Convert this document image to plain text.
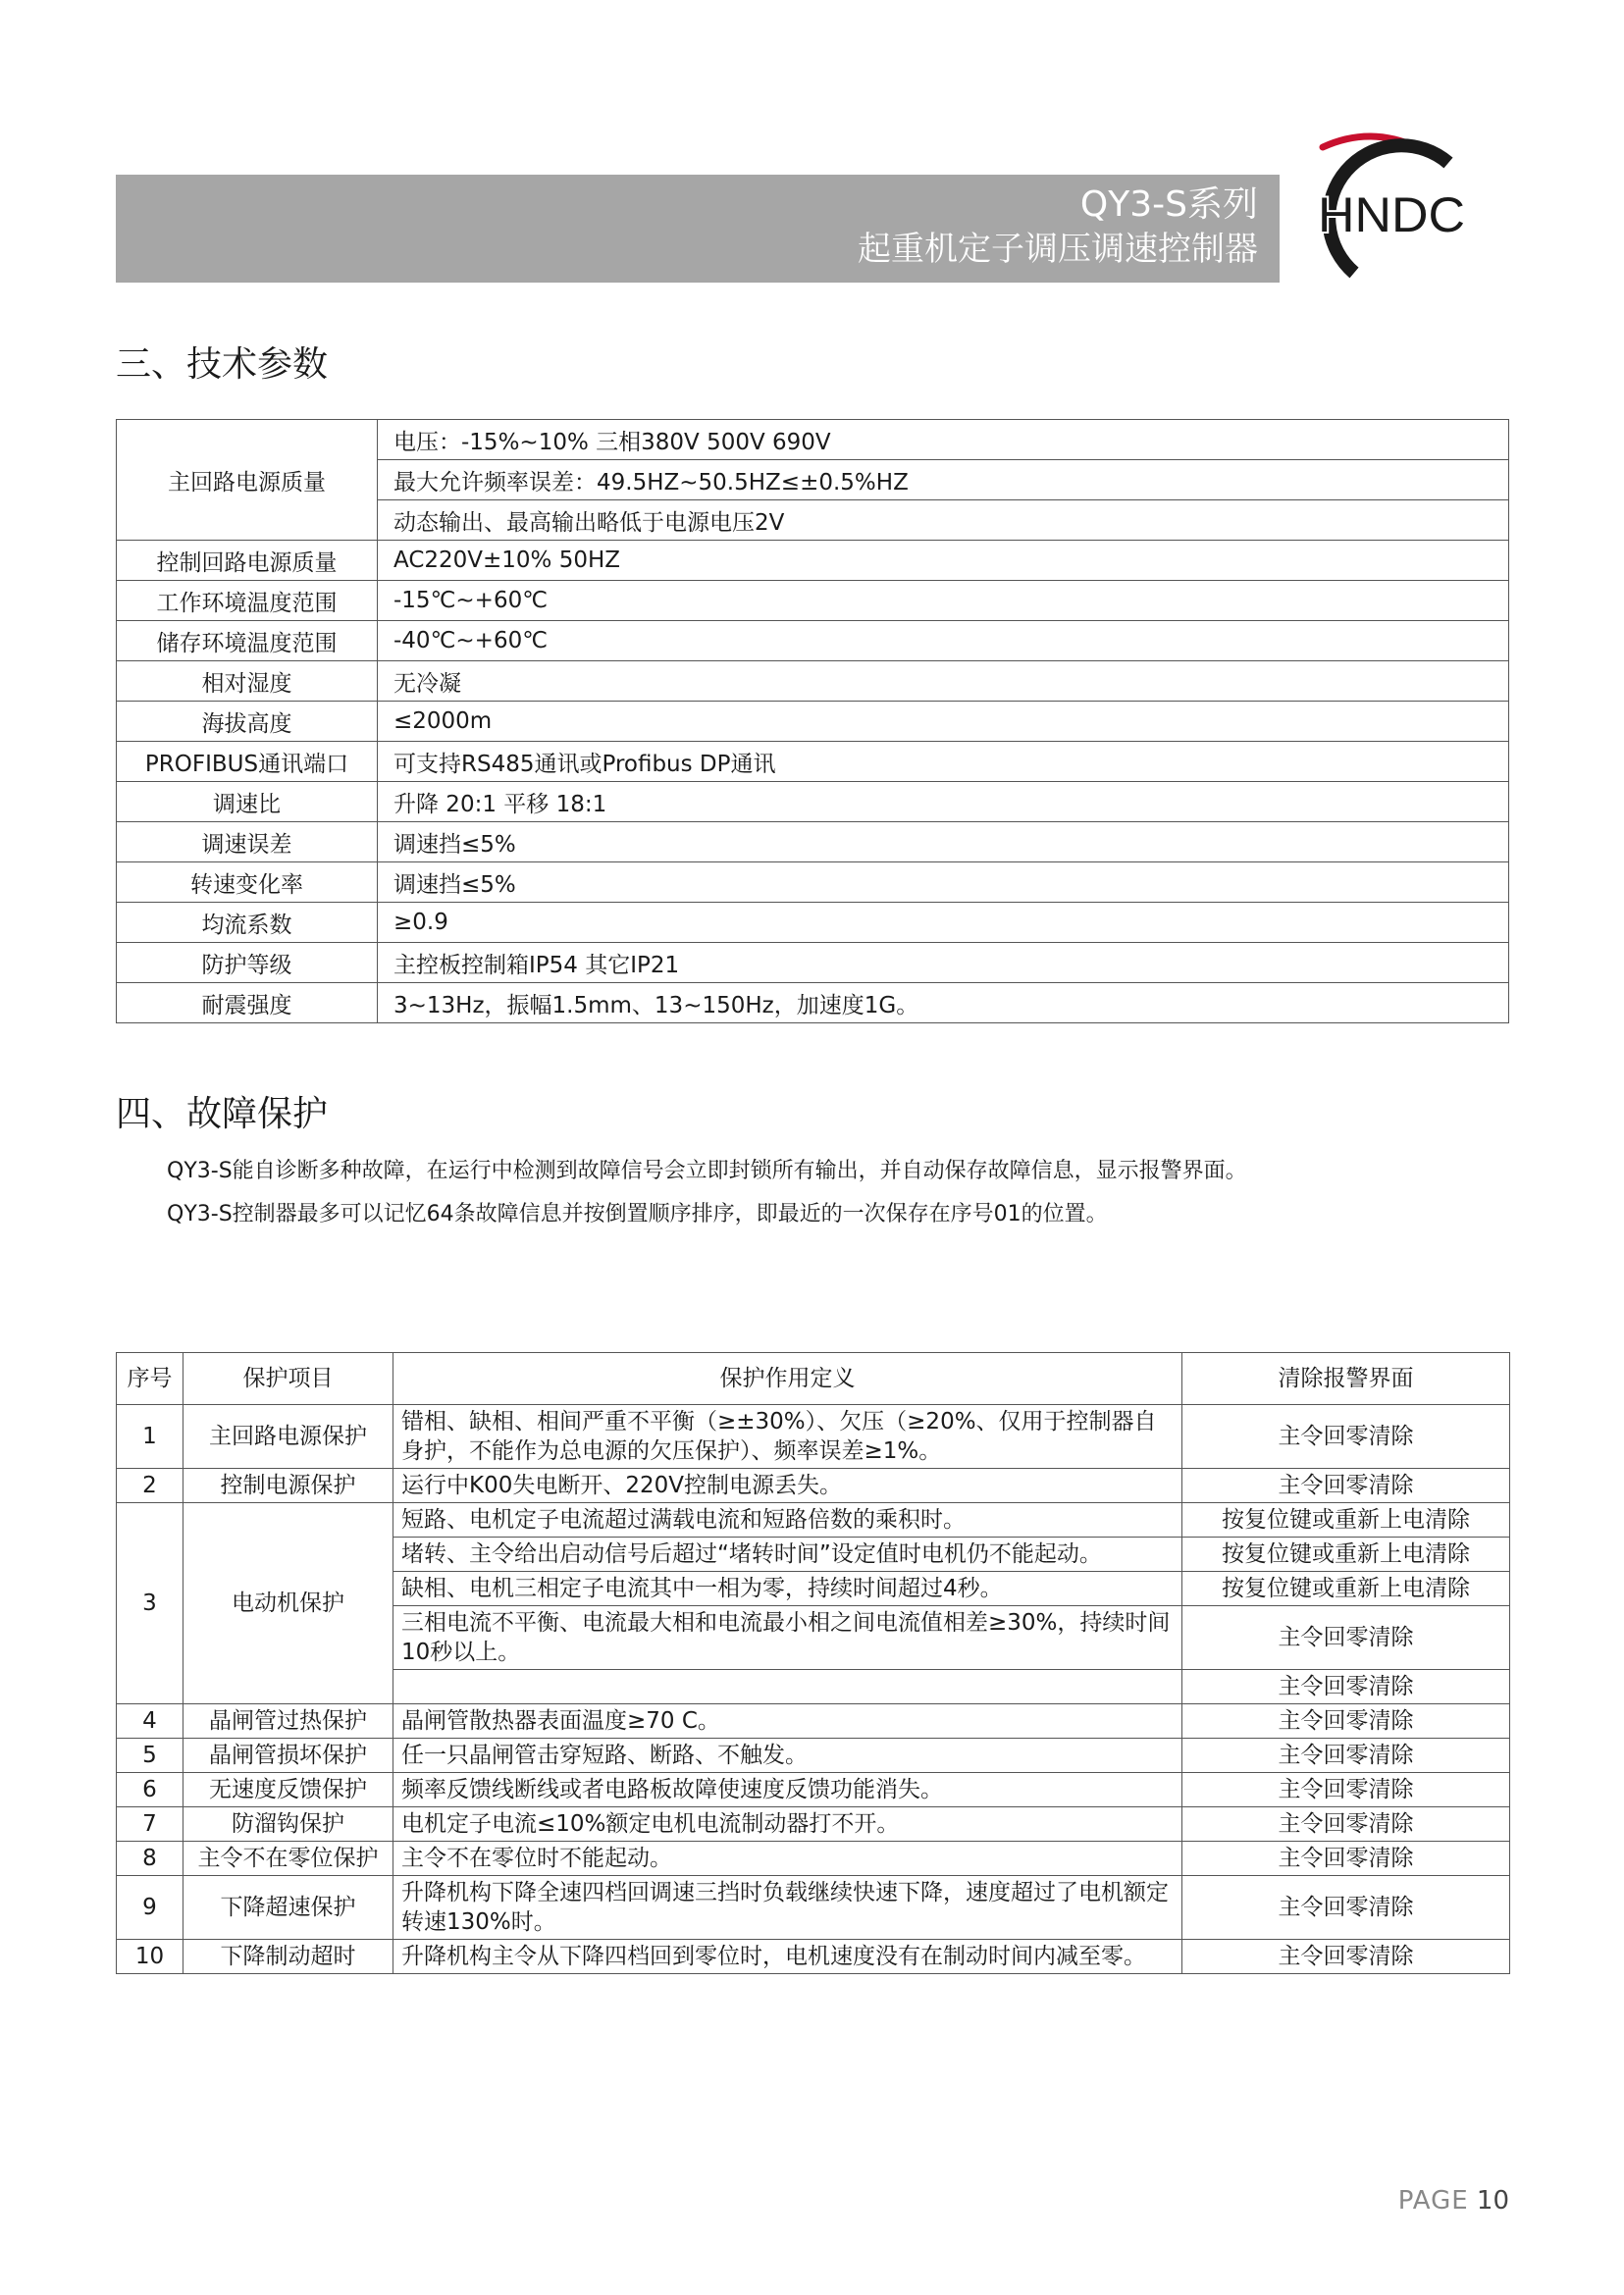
QY3-S系列
起重机定子调压调速控制器
HNDC
三、技术参数
主回路电源质量	电压：-15%~10% 三相380V 500V 690V
	最大允许频率误差：49.5HZ~50.5HZ≤±0.5%HZ
	动态输出、最高输出略低于电源电压2V
控制回路电源质量	AC220V±10% 50HZ
工作环境温度范围	-15℃~+60℃
储存环境温度范围	-40℃~+60℃
相对湿度	无冷凝
海拔高度	≤2000m
PROFIBUS通讯端口	可支持RS485通讯或Profibus DP通讯
调速比	升降 20:1 平移 18:1
调速误差	调速挡≤5%
转速变化率	调速挡≤5%
均流系数	≥0.9
防护等级	主控板控制箱IP54 其它IP21
耐震强度	3~13Hz，振幅1.5mm、13~150Hz，加速度1G。
四、故障保护
QY3-S能自诊断多种故障，在运行中检测到故障信号会立即封锁所有输出，并自动保存故障信息，显示报警界面。
QY3-S控制器最多可以记忆64条故障信息并按倒置顺序排序，即最近的一次保存在序号01的位置。
序号	保护项目	保护作用定义	清除报警界面
1	主回路电源保护	错相、缺相、相间严重不平衡（≥±30%）、欠压（≥20%、仅用于控制器自身护，不能作为总电源的欠压保护）、频率误差≥1%。	主令回零清除
2	控制电源保护	运行中K00失电断开、220V控制电源丢失。	主令回零清除
3	电动机保护	短路、电机定子电流超过满载电流和短路倍数的乘积时。	按复位键或重新上电清除
		堵转、主令给出启动信号后超过“堵转时间”设定值时电机仍不能起动。	按复位键或重新上电清除
		缺相、电机三相定子电流其中一相为零，持续时间超过4秒。	按复位键或重新上电清除
		三相电流不平衡、电流最大相和电流最小相之间电流值相差≥30%，持续时间10秒以上。	主令回零清除
			主令回零清除
4	晶闸管过热保护	晶闸管散热器表面温度≥70 C。	主令回零清除
5	晶闸管损坏保护	任一只晶闸管击穿短路、断路、不触发。	主令回零清除
6	无速度反馈保护	频率反馈线断线或者电路板故障使速度反馈功能消失。	主令回零清除
7	防溜钩保护	电机定子电流≤10%额定电机电流制动器打不开。	主令回零清除
8	主令不在零位保护	主令不在零位时不能起动。	主令回零清除
9	下降超速保护	升降机构下降全速四档回调速三挡时负载继续快速下降，速度超过了电机额定 转速130%时。	主令回零清除
10	下降制动超时	升降机构主令从下降四档回到零位时，电机速度没有在制动时间内减至零。	主令回零清除
PAGE 10
